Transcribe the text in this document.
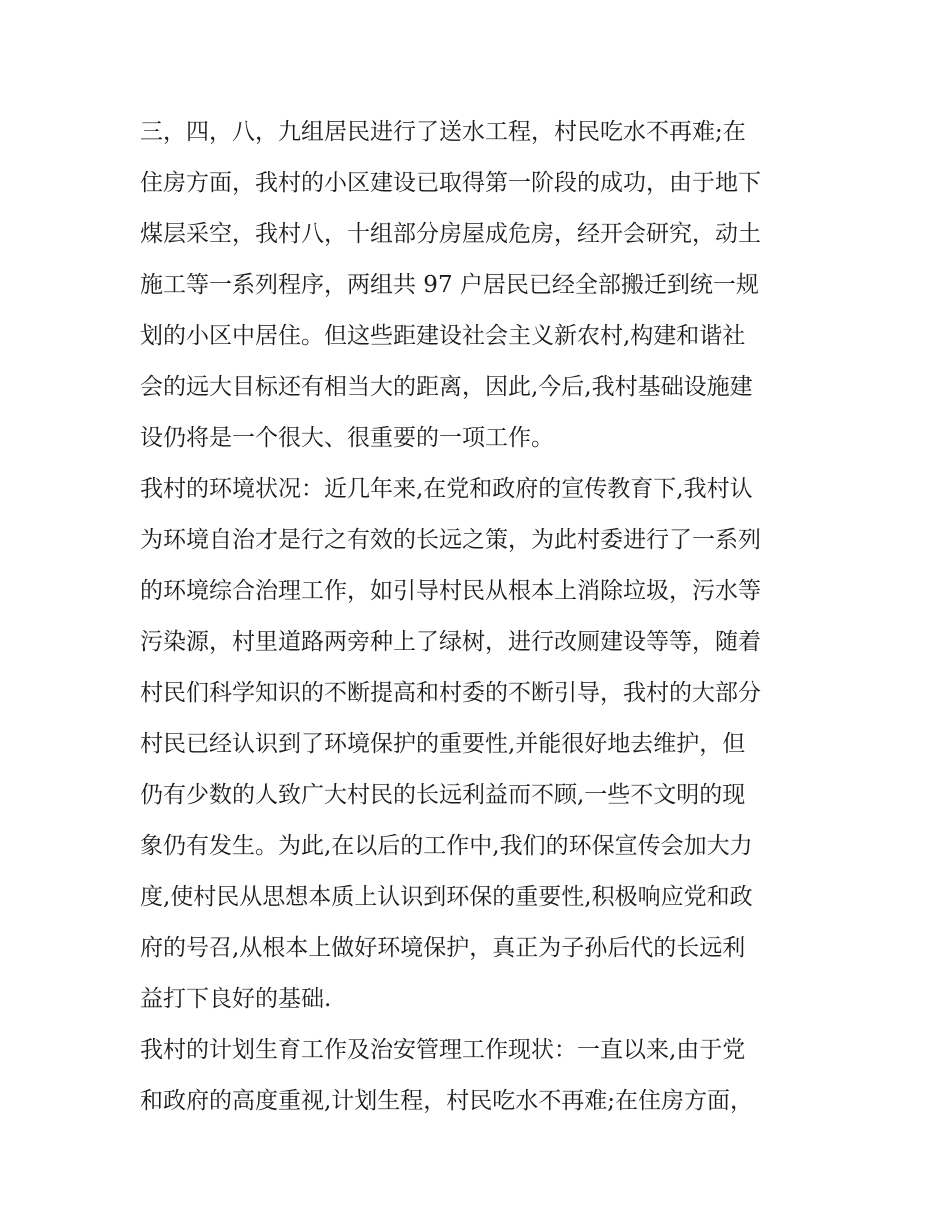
三，四，八，九组居民进行了送水工程，村民吃水不再难;在
住房方面，我村的小区建设已取得第一阶段的成功，由于地下
煤层采空，我村八，十组部分房屋成危房，经开会研究，动土
施工等一系列程序，两组共 97 户居民已经全部搬迁到统一规
划的小区中居住。但这些距建设社会主义新农村,构建和谐社
会的远大目标还有相当大的距离，因此,今后,我村基础设施建
设仍将是一个很大、很重要的一项工作。
我村的环境状况：近几年来,在党和政府的宣传教育下,我村认
为环境自治才是行之有效的长远之策，为此村委进行了一系列
的环境综合治理工作，如引导村民从根本上消除垃圾，污水等
污染源，村里道路两旁种上了绿树，进行改厕建设等等，随着
村民们科学知识的不断提高和村委的不断引导，我村的大部分
村民已经认识到了环境保护的重要性,并能很好地去维护，但
仍有少数的人致广大村民的长远利益而不顾,一些不文明的现
象仍有发生。为此,在以后的工作中,我们的环保宣传会加大力
度,使村民从思想本质上认识到环保的重要性,积极响应党和政
府的号召,从根本上做好环境保护，真正为子孙后代的长远利
益打下良好的基础.
我村的计划生育工作及治安管理工作现状：一直以来,由于党
和政府的高度重视,计划生程，村民吃水不再难;在住房方面，
